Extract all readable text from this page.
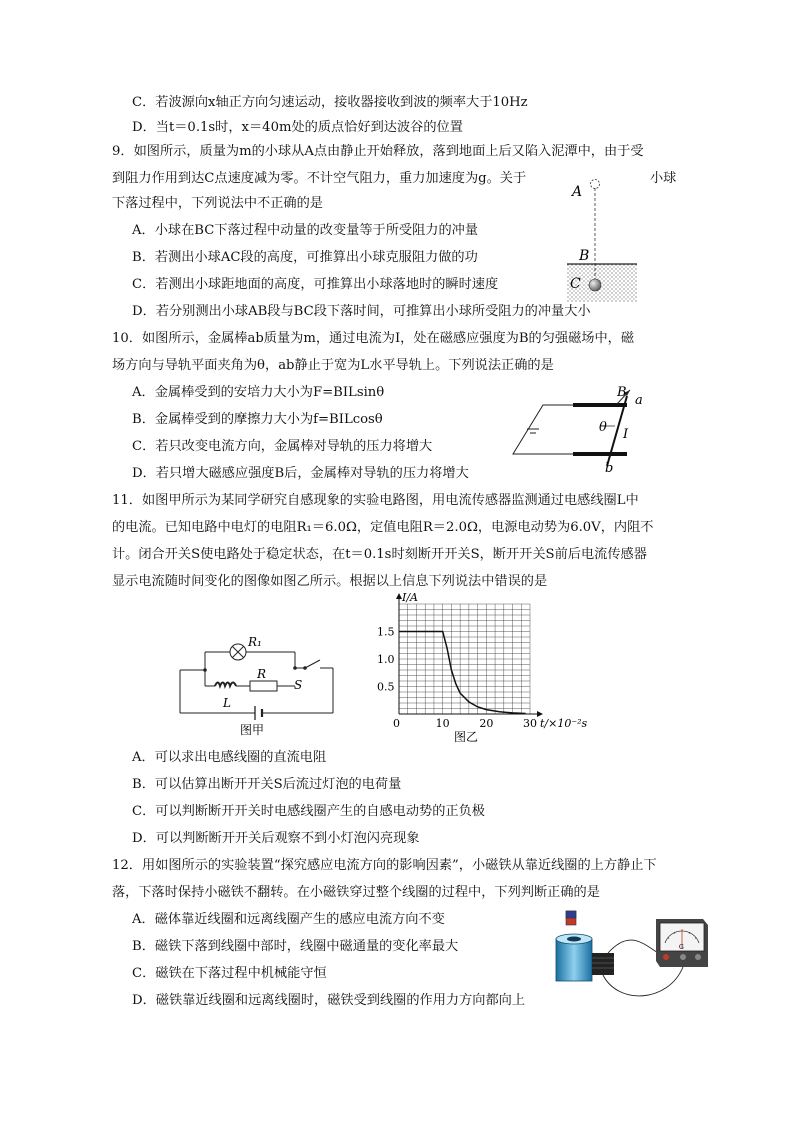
C．若波源向x轴正方向匀速运动，接收器接收到波的频率大于10Hz
D．当t＝0.1s时，x＝40m处的质点恰好到达波谷的位置
9．如图所示，质量为m的小球从A点由静止开始释放，落到地面上后又陷入泥潭中，由于受
到阻力作用到达C点速度减为零。不计空气阻力，重力加速度为g。关于	小球
下落过程中，下列说法中不正确的是
A．小球在BC下落过程中动量的改变量等于所受阻力的冲量
B．若测出小球AC段的高度，可推算出小球克服阻力做的功
C．若测出小球距地面的高度，可推算出小球落地时的瞬时速度
D．若分别测出小球AB段与BC段下落时间，可推算出小球所受阻力的冲量大小
A
B
C
10．如图所示，金属棒ab质量为m，通过电流为I，处在磁感应强度为B的匀强磁场中，磁
场方向与导轨平面夹角为θ，ab静止于宽为L水平导轨上。下列说法正确的是
A．金属棒受到的安培力大小为F=BILsinθ
B．金属棒受到的摩擦力大小为f=BILcosθ
C．若只改变电流方向，金属棒对导轨的压力将增大
D．若只增大磁感应强度B后，金属棒对导轨的压力将增大
B
a
θ I
b
11．如图甲所示为某同学研究自感现象的实验电路图，用电流传感器监测通过电感线圈L中
的电流。已知电路中电灯的电阻R₁＝6.0Ω，定值电阻R＝2.0Ω，电源电动势为6.0V，内阻不
计。闭合开关S使电路处于稳定状态，在t＝0.1s时刻断开开关S，断开开关S前后电流传感器
显示电流随时间变化的图像如图乙所示。根据以上信息下列说法中错误的是
R₁
R
L
S
图甲	0	10	20	30
0.5
1.0
1.5
I/A
t/×10⁻²s
图乙
A．可以求出电感线圈的直流电阻
B．可以估算出断开开关S后流过灯泡的电荷量
C．可以判断断开开关时电感线圈产生的自感电动势的正负极
D．可以判断断开开关后观察不到小灯泡闪亮现象
12．用如图所示的实验装置“探究感应电流方向的影响因素”，小磁铁从靠近线圈的上方静止下
落，下落时保持小磁铁不翻转。在小磁铁穿过整个线圈的过程中，下列判断正确的是
A．磁体靠近线圈和远离线圈产生的感应电流方向不变
B．磁铁下落到线圈中部时，线圈中磁通量的变化率最大
C．磁铁在下落过程中机械能守恒
D．磁铁靠近线圈和远离线圈时，磁铁受到线圈的作用力方向都向上
G
